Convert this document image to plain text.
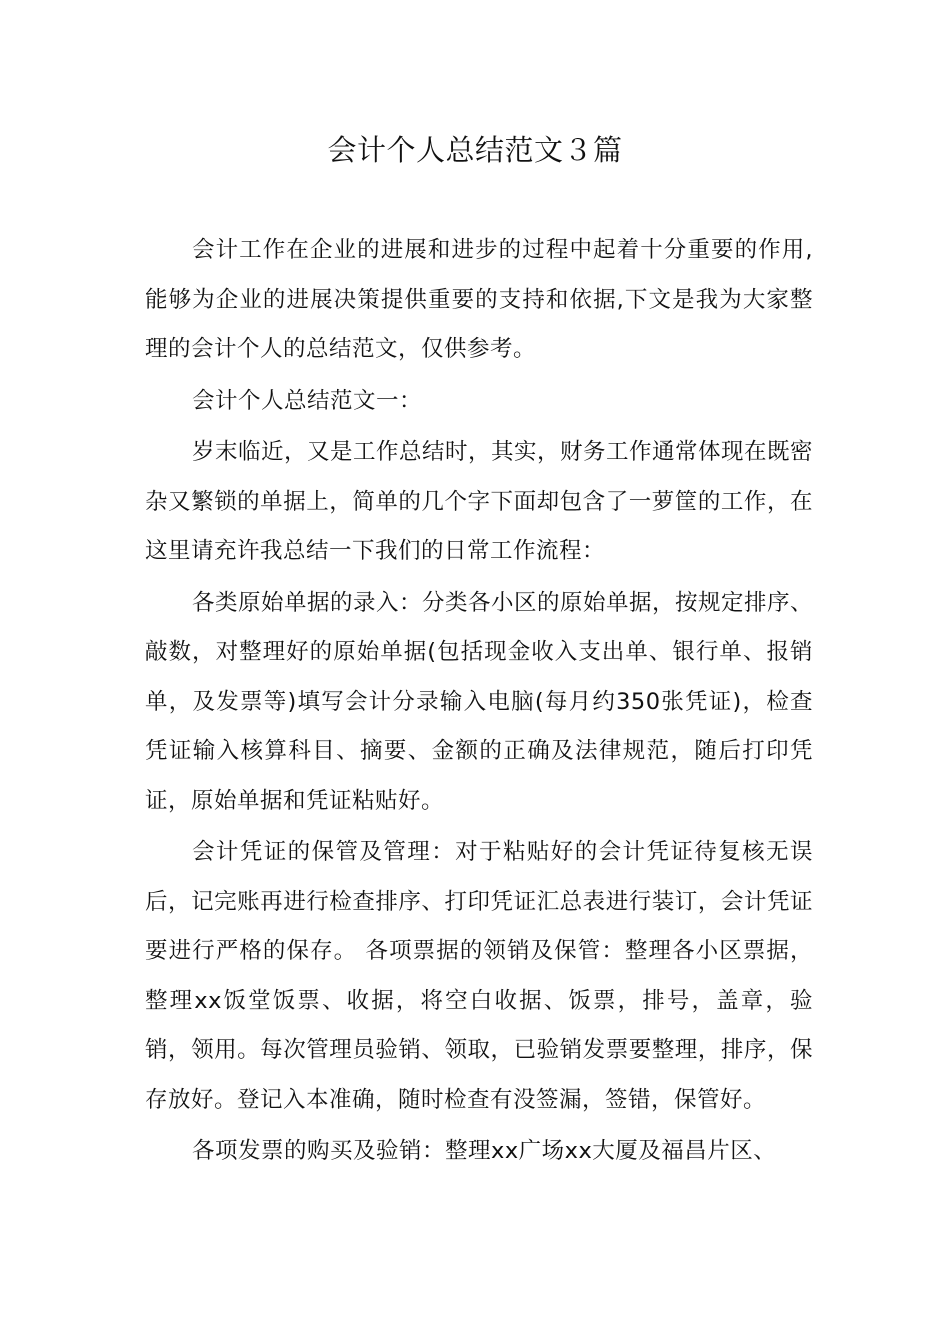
会计个人总结范文３篇

会计工作在企业的进展和进步的过程中起着十分重要的作用,能够为企业的进展决策提供重要的支持和依据,下文是我为大家整理的会计个人的总结范文，仅供参考。

会计个人总结范文一：

岁末临近，又是工作总结时，其实，财务工作通常体现在既密杂又繁锁的单据上，简单的几个字下面却包含了一萝筐的工作，在这里请充许我总结一下我们的日常工作流程：

各类原始单据的录入：分类各小区的原始单据，按规定排序、敲数，对整理好的原始单据(包括现金收入支出单、银行单、报销单，及发票等)填写会计分录输入电脑(每月约350张凭证)，检查凭证输入核算科目、摘要、金额的正确及法律规范，随后打印凭证，原始单据和凭证粘贴好。

会计凭证的保管及管理：对于粘贴好的会计凭证待复核无误后，记完账再进行检查排序、打印凭证汇总表进行装订，会计凭证要进行严格的保存。 各项票据的领销及保管：整理各小区票据，整理xx饭堂饭票、收据，将空白收据、饭票，排号，盖章，验销，领用。每次管理员验销、领取，已验销发票要整理，排序，保存放好。登记入本准确，随时检查有没签漏，签错，保管好。

各项发票的购买及验销：整理xx广场xx大厦及福昌片区、
